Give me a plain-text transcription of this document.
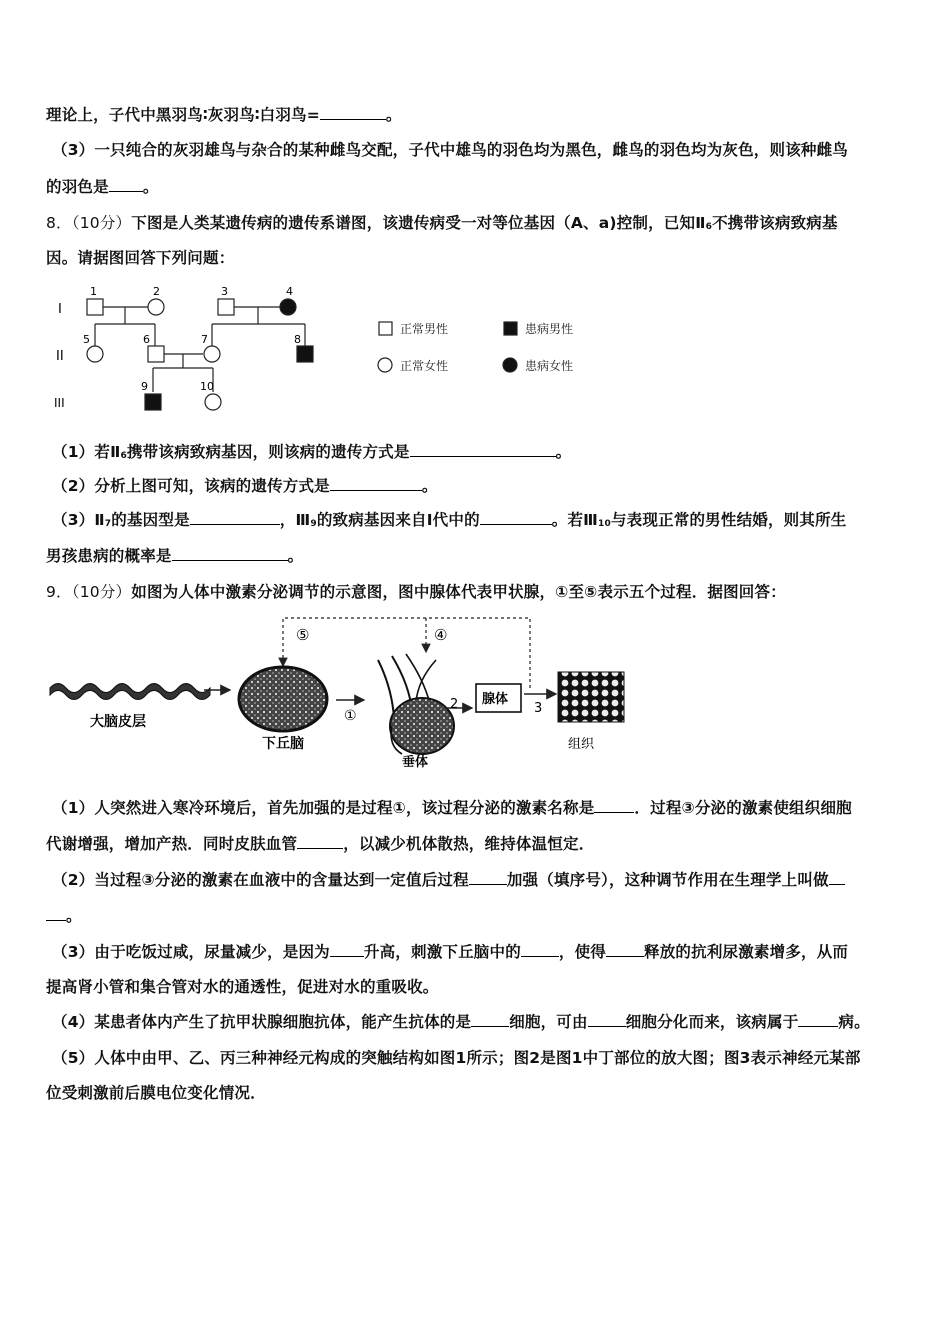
理论上，子代中黑羽鸟∶灰羽鸟∶白羽鸟=	。
（3）一只纯合的灰羽雄鸟与杂合的某种雌鸟交配，子代中雄鸟的羽色均为黑色，雌鸟的羽色均为灰色，则该种雌鸟
的羽色是 。
8．（10分）下图是人类某遗传病的遗传系谱图，该遗传病受一对等位基因（A、a)控制，已知$Ⅱ_6$不携带该病致病基
因。请据图回答下列问题：
I
II
III
1	2	3	4
5	6	7	8
9	10
正常男性	患病男性
正常女性	患病女性
（1）若$Ⅱ_6$携带该病致病基因，则该病的遗传方式是	。
（2）分析上图可知，该病的遗传方式是	。
$(3)Ⅱ_7$的基因型是	，$Ⅲ_9$的致病基因来自Ⅰ代中的	。若$Ⅲ_{10}$与表现正常的男性结婚，则其所生
男孩患病的概率是	。
9．（10分）如图为人体中激素分泌调节的示意图，图中腺体代表甲状腺，①至⑤表示五个过程．据图回答：
⑤	④
大脑皮层
下丘脑
①
垂体
2 腺体
3
组织
（1）人突然进入寒冷环境后，首先加强的是过程①，该过程分泌的激素名称是	．过程③分泌的激素使组织细胞
代谢增强，增加产热．同时皮肤血管	，以减少机体散热，维持体温恒定．
（2）当过程③分泌的激素在血液中的含量达到一定值后过程 加强（填序号），这种调节作用在生理学上叫做
。
（3）由于吃饭过咸，尿量减少，是因为 升高，刺激下丘脑中的 ，使得 释放的抗利尿激素增多，从而
提高肾小管和集合管对水的通透性，促进对水的重吸收。
（4）某患者体内产生了抗甲状腺细胞抗体，能产生抗体的是 细胞，可由 细胞分化而来，该病属于	病。
（5）人体中由甲、乙、丙三种神经元构成的突触结构如图1所示；图2是图1中丁部位的放大图；图3表示神经元某部
位受刺激前后膜电位变化情况．
